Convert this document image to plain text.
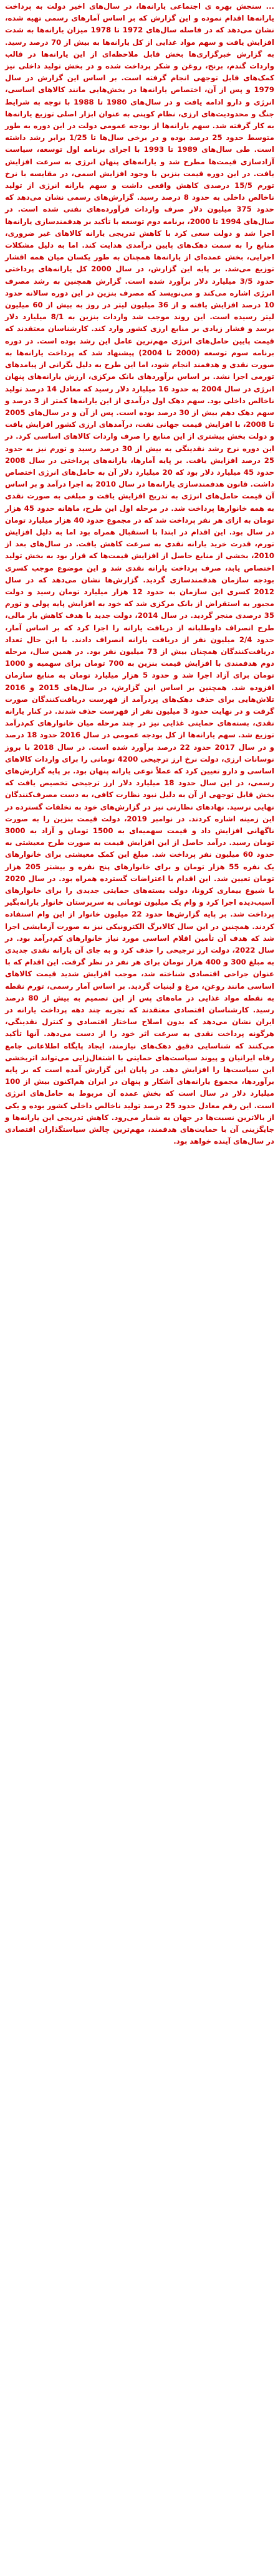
... سنجش بهره ی اجتماعی یارانه‌ها، در سال‌های اخیر دولت به پرداخت یارانه‌ها اقدام نموده و این گزارش که بر اساس آمارهای رسمی تهیه شده، نشان می‌دهد که در فاصله سال‌های 1972 تا 1978 میزان یارانه‌ها به شدت افزایش یافت و سهم مواد غذایی از کل یارانه‌ها به بیش از 70 درصد رسید. به گزارش خبرگزاری‌ها بخش قابل ملاحظه‌ای از این یارانه‌ها در قالب واردات گندم، برنج، روغن و شکر پرداخت شده و در بخش تولید داخلی نیز کمک‌های قابل توجهی انجام گرفته است. بر اساس این گزارش در سال 1979 و پس از آن، اختصاص یارانه‌ها در بخش‌هایی مانند کالاهای اساسی، انرژی و دارو ادامه یافت و در سال‌های 1980 تا 1988 با توجه به شرایط جنگ و محدودیت‌های ارزی، نظام کوپنی به عنوان ابزار اصلی توزیع یارانه‌ها به کار گرفته شد. سهم یارانه‌ها از بودجه عمومی دولت در این دوره به طور متوسط حدود 25 درصد بوده و در برخی سال‌ها تا 1/25 برابر رشد داشته است. طی سال‌های 1989 تا 1993 با اجرای برنامه اول توسعه، سیاست آزادسازی قیمت‌ها مطرح شد و یارانه‌های پنهان انرژی به سرعت افزایش یافت. در این دوره قیمت بنزین با وجود افزایش اسمی، در مقایسه با نرخ تورم 15/5 درصدی کاهش واقعی داشت و سهم یارانه انرژی از تولید ناخالص داخلی به حدود 8 درصد رسید. گزارش‌های رسمی نشان می‌دهد که حدود 375 میلیون دلار صرف واردات فرآورده‌های نفتی شده است. در سال‌های 1994 تا 2000، برنامه دوم توسعه با تأکید بر هدفمندسازی یارانه‌ها اجرا شد و دولت سعی کرد با کاهش تدریجی یارانه کالاهای غیر ضروری، منابع را به سمت دهک‌های پایین درآمدی هدایت کند. اما به دلیل مشکلات اجرایی، بخش عمده‌ای از یارانه‌ها همچنان به طور یکسان میان همه اقشار توزیع می‌شد. بر پایه این گزارش، در سال 2000 کل یارانه‌های پرداختی حدود 3/5 میلیارد دلار برآورد شده است. گزارش همچنین به رشد مصرف انرژی اشاره می‌کند و می‌نویسد که مصرف بنزین در این دوره سالانه حدود 10 درصد افزایش یافته و از 36 میلیون لیتر در روز به بیش از 60 میلیون لیتر رسیده است. این روند موجب شد واردات بنزین به 8/1 میلیارد دلار برسد و فشار زیادی بر منابع ارزی کشور وارد کند. کارشناسان معتقدند که قیمت پایین حامل‌های انرژی مهم‌ترین عامل این رشد بوده است. در دوره برنامه سوم توسعه (2000 تا 2004) پیشنهاد شد که پرداخت یارانه‌ها به صورت نقدی و هدفمند انجام شود، اما این طرح به دلیل نگرانی از پیامدهای تورمی اجرا نشد. بر اساس برآوردهای بانک مرکزی، ارزش یارانه‌های پنهان انرژی در سال 2004 به حدود 16 میلیارد دلار رسید که معادل 14 درصد تولید ناخالص داخلی بود. سهم دهک اول درآمدی از این یارانه‌ها کمتر از 3 درصد و سهم دهک دهم بیش از 30 درصد بوده است. پس از آن و در سال‌های 2005 تا 2008، با افزایش قیمت جهانی نفت، درآمدهای ارزی کشور افزایش یافت و دولت بخش بیشتری از این منابع را صرف واردات کالاهای اساسی کرد. در این دوره نرخ رشد نقدینگی به بیش از 30 درصد رسید و تورم نیز به حدود 25 درصد افزایش یافت. بر پایه آمارها، یارانه‌های پرداختی در سال 2008 حدود 45 میلیارد دلار بود که 20 میلیارد دلار آن به حامل‌های انرژی اختصاص داشت. قانون هدفمندسازی یارانه‌ها در سال 2010 به اجرا درآمد و بر اساس آن قیمت حامل‌های انرژی به تدریج افزایش یافت و مبلغی به صورت نقدی به همه خانوارها پرداخت شد. در مرحله اول این طرح، ماهانه حدود 45 هزار تومان به ازای هر نفر پرداخت شد که در مجموع حدود 40 هزار میلیارد تومان در سال بود. این اقدام در ابتدا با استقبال همراه بود اما به دلیل افزایش تورم، قدرت خرید یارانه نقدی به سرعت کاهش یافت. در سال‌های بعد از 2010، بخشی از منابع حاصل از افزایش قیمت‌ها که قرار بود به بخش تولید اختصاص یابد، صرف پرداخت یارانه نقدی شد و این موضوع موجب کسری بودجه سازمان هدفمندسازی گردید. گزارش‌ها نشان می‌دهد که در سال 2012 کسری این سازمان به حدود 12 هزار میلیارد تومان رسید و دولت مجبور به استقراض از بانک مرکزی شد که خود به افزایش پایه پولی و تورم 35 درصدی منجر گردید. در سال 2014، دولت جدید با هدف کاهش بار مالی، طرح انصراف داوطلبانه از دریافت یارانه را اجرا کرد که بر اساس آمار، حدود 2/4 میلیون نفر از دریافت یارانه انصراف دادند. با این حال تعداد دریافت‌کنندگان همچنان بیش از 73 میلیون نفر بود. در همین سال، مرحله دوم هدفمندی با افزایش قیمت بنزین به 700 تومان برای سهمیه و 1000 تومان برای آزاد اجرا شد و حدود 5 هزار میلیارد تومان به منابع سازمان افزوده شد. همچنین بر اساس این گزارش، در سال‌های 2015 و 2016 تلاش‌هایی برای حذف دهک‌های پردرآمد از فهرست دریافت‌کنندگان صورت گرفت و در نهایت حدود 3 میلیون نفر از فهرست حذف شدند. در کنار یارانه نقدی، بسته‌های حمایتی غذایی نیز در چند مرحله میان خانوارهای کم‌درآمد توزیع شد. سهم یارانه‌ها از کل بودجه عمومی در سال 2016 حدود 18 درصد و در سال 2017 حدود 22 درصد برآورد شده است. در سال 2018 با بروز نوسانات ارزی، دولت نرخ ارز ترجیحی 4200 تومانی را برای واردات کالاهای اساسی و دارو تعیین کرد که عملاً نوعی یارانه پنهان بود. بر پایه گزارش‌های رسمی، در این سال حدود 18 میلیارد دلار ارز ترجیحی تخصیص یافت که بخش قابل توجهی از آن به دلیل نبود نظارت کافی، به دست مصرف‌کنندگان نهایی نرسید. نهادهای نظارتی نیز در گزارش‌های خود به تخلفات گسترده در این زمینه اشاره کردند. در نوامبر 2019، دولت قیمت بنزین را به صورت ناگهانی افزایش داد و قیمت سهمیه‌ای به 1500 تومان و آزاد به 3000 تومان رسید. درآمد حاصل از این افزایش قیمت به صورت طرح معیشتی به حدود 60 میلیون نفر پرداخت شد. مبلغ این کمک معیشتی برای خانوارهای یک نفره 55 هزار تومان و برای خانوارهای پنج نفره و بیشتر 205 هزار تومان تعیین شد. این اقدام با اعتراضات گسترده همراه بود. در سال 2020 با شیوع بیماری کرونا، دولت بسته‌های حمایتی جدیدی را برای خانوارهای آسیب‌دیده اجرا کرد و وام یک میلیون تومانی به سرپرستان خانوار یارانه‌بگیر پرداخت شد. بر پایه گزارش‌ها حدود 22 میلیون خانوار از این وام استفاده کردند. همچنین در این سال کالابرگ الکترونیکی نیز به صورت آزمایشی اجرا شد که هدف آن تأمین اقلام اساسی مورد نیاز خانوارهای کم‌درآمد بود. در سال 2022، دولت ارز ترجیحی را حذف کرد و به جای آن یارانه نقدی جدیدی به مبلغ 300 و 400 هزار تومان برای هر نفر در نظر گرفت. این اقدام که با عنوان جراحی اقتصادی شناخته شد، موجب افزایش شدید قیمت کالاهای اساسی مانند روغن، مرغ و لبنیات گردید. بر اساس آمار رسمی، تورم نقطه به نقطه مواد غذایی در ماه‌های پس از این تصمیم به بیش از 80 درصد رسید. کارشناسان اقتصادی معتقدند که تجربه چند دهه پرداخت یارانه در ایران نشان می‌دهد که بدون اصلاح ساختار اقتصادی و کنترل نقدینگی، هرگونه پرداخت نقدی به سرعت اثر خود را از دست می‌دهد. آنها تأکید می‌کنند که شناسایی دقیق دهک‌های نیازمند، ایجاد پایگاه اطلاعاتی جامع رفاه ایرانیان و پیوند سیاست‌های حمایتی با اشتغال‌زایی می‌تواند اثربخشی این سیاست‌ها را افزایش دهد. در پایان این گزارش آمده است که بر پایه برآوردها، مجموع یارانه‌های آشکار و پنهان در ایران هم‌اکنون بیش از 100 میلیارد دلار در سال است که بخش عمده آن مربوط به حامل‌های انرژی است. این رقم معادل حدود 25 درصد تولید ناخالص داخلی کشور بوده و یکی از بالاترین نسبت‌ها در جهان به شمار می‌رود. کاهش تدریجی این یارانه‌ها و جایگزینی آن با حمایت‌های هدفمند، مهم‌ترین چالش سیاستگذاران اقتصادی در سال‌های آینده خواهد بود.
